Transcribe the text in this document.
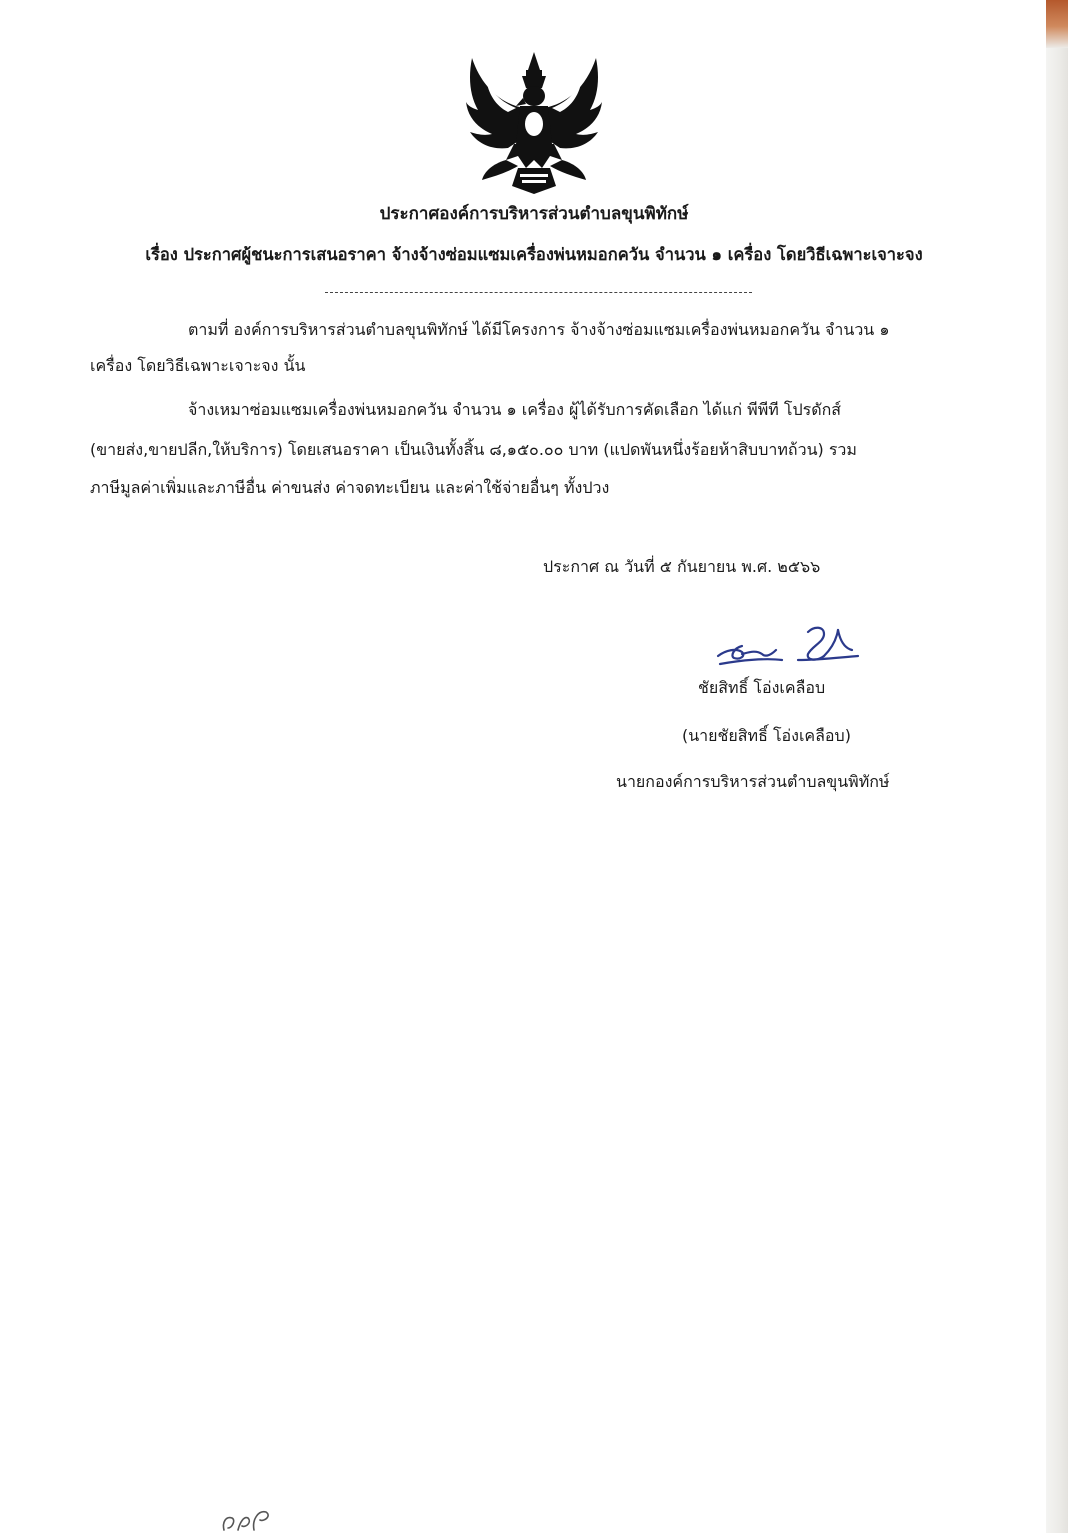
ประกาศองค์การบริหารส่วนตำบลขุนพิทักษ์
เรื่อง ประกาศผู้ชนะการเสนอราคา จ้างจ้างซ่อมแซมเครื่องพ่นหมอกควัน จำนวน ๑ เครื่อง โดยวิธีเฉพาะเจาะจง
ตามที่ องค์การบริหารส่วนตำบลขุนพิทักษ์ ได้มีโครงการ จ้างจ้างซ่อมแซมเครื่องพ่นหมอกควัน จำนวน ๑
เครื่อง โดยวิธีเฉพาะเจาะจง นั้น
จ้างเหมาซ่อมแซมเครื่องพ่นหมอกควัน จำนวน ๑ เครื่อง ผู้ได้รับการคัดเลือก ได้แก่ พีพีที โปรดักส์
(ขายส่ง,ขายปลีก,ให้บริการ) โดยเสนอราคา เป็นเงินทั้งสิ้น ๘,๑๕๐.๐๐ บาท (แปดพันหนึ่งร้อยห้าสิบบาทถ้วน) รวม
ภาษีมูลค่าเพิ่มและภาษีอื่น ค่าขนส่ง ค่าจดทะเบียน และค่าใช้จ่ายอื่นๆ ทั้งปวง
ประกาศ ณ วันที่ ๕ กันยายน พ.ศ. ๒๕๖๖
ชัยสิทธิ์ โอ่งเคลือบ
(นายชัยสิทธิ์ โอ่งเคลือบ)
นายกองค์การบริหารส่วนตำบลขุนพิทักษ์
